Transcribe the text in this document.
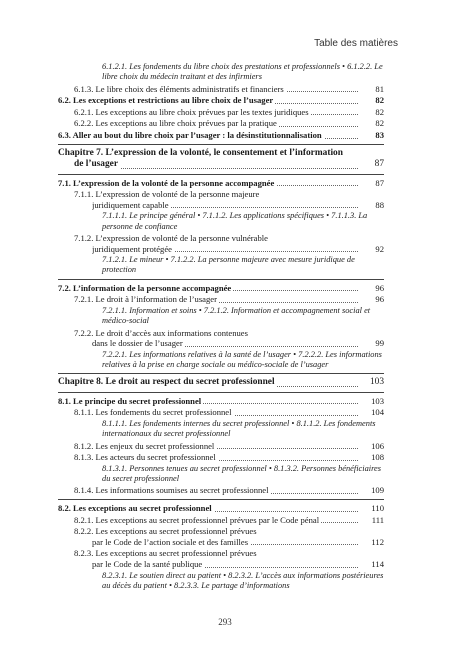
Table des matières
6.1.2.1. Les fondements du libre choix des prestations et professionnels • 6.1.2.2. Le libre choix du médecin traitant et des infirmiers
6.1.3. Le libre choix des éléments administratifs et financiers	81
6.2. Les exceptions et restrictions au libre choix de l’usager	82
6.2.1. Les exceptions au libre choix prévues par les textes juridiques	82
6.2.2. Les exceptions au libre choix prévues par la pratique	82
6.3. Aller au bout du libre choix par l’usager : la désinstitutionnalisation	83
Chapitre 7. L’expression de la volonté, le consentement et l’information
de l’usager	87
7.1. L’expression de la volonté de la personne accompagnée	87
7.1.1. L’expression de volonté de la personne majeure
juridiquement capable	88
7.1.1.1. Le principe général • 7.1.1.2. Les applications spécifiques • 7.1.1.3. La personne de confiance
7.1.2. L’expression de volonté de la personne vulnérable
juridiquement protégée	92
7.1.2.1. Le mineur • 7.1.2.2. La personne majeure avec mesure juridique de protection
7.2. L’information de la personne accompagnée	96
7.2.1. Le droit à l’information de l’usager	96
7.2.1.1. Information et soins • 7.2.1.2. Information et accompagnement social et médico-social
7.2.2. Le droit d’accès aux informations contenues
dans le dossier de l’usager	99
7.2.2.1. Les informations relatives à la santé de l’usager • 7.2.2.2. Les informations relatives à la prise en charge sociale ou médico-sociale de l’usager
Chapitre 8. Le droit au respect du secret professionnel	103
8.1. Le principe du secret professionnel	103
8.1.1. Les fondements du secret professionnel	104
8.1.1.1. Les fondements internes du secret professionnel • 8.1.1.2. Les fondements internationaux du secret professionnel
8.1.2. Les enjeux du secret professionnel	106
8.1.3. Les acteurs du secret professionnel	108
8.1.3.1. Personnes tenues au secret professionnel • 8.1.3.2. Personnes bénéficiaires du secret professionnel
8.1.4. Les informations soumises au secret professionnel	109
8.2. Les exceptions au secret professionnel	110
8.2.1. Les exceptions au secret professionnel prévues par le Code pénal	111
8.2.2. Les exceptions au secret professionnel prévues
par le Code de l’action sociale et des familles	112
8.2.3. Les exceptions au secret professionnel prévues
par le Code de la santé publique	114
8.2.3.1. Le soutien direct au patient • 8.2.3.2. L’accès aux informations postérieures au décès du patient • 8.2.3.3. Le partage d’informations
293
